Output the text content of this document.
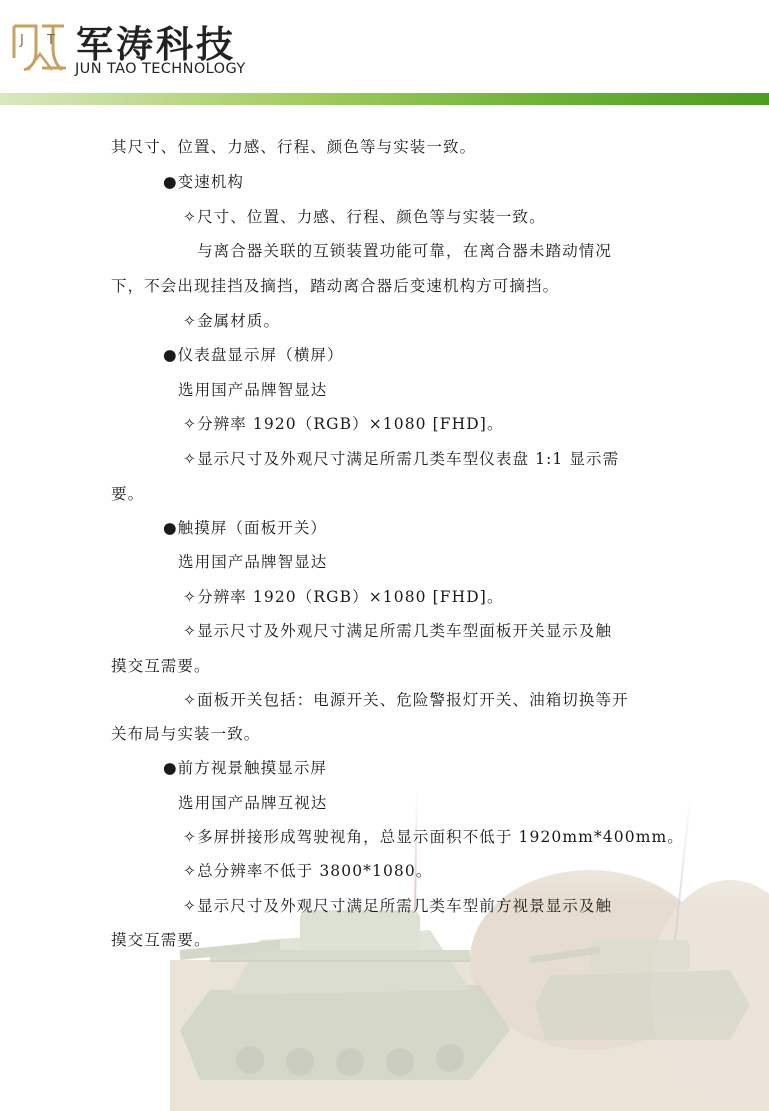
J T 军涛科技
JUN TAO TECHNOLOGY
其尺寸、位置、力感、行程、颜色等与实装一致。
●变速机构
✧尺寸、位置、力感、行程、颜色等与实装一致。
与离合器关联的互锁装置功能可靠，在离合器未踏动情况
下，不会出现挂挡及摘挡，踏动离合器后变速机构方可摘挡。
✧金属材质。
●仪表盘显示屏（横屏）
选用国产品牌智显达
✧分辨率 1920（RGB）×1080 [FHD]。
✧显示尺寸及外观尺寸满足所需几类车型仪表盘 1:1 显示需
要。
●触摸屏（面板开关）
选用国产品牌智显达
✧分辨率 1920（RGB）×1080 [FHD]。
✧显示尺寸及外观尺寸满足所需几类车型面板开关显示及触
摸交互需要。
✧面板开关包括：电源开关、危险警报灯开关、油箱切换等开
关布局与实装一致。
●前方视景触摸显示屏
选用国产品牌互视达
✧多屏拼接形成驾驶视角，总显示面积不低于 1920mm*400mm。
✧总分辨率不低于 3800*1080。
✧显示尺寸及外观尺寸满足所需几类车型前方视景显示及触
摸交互需要。
